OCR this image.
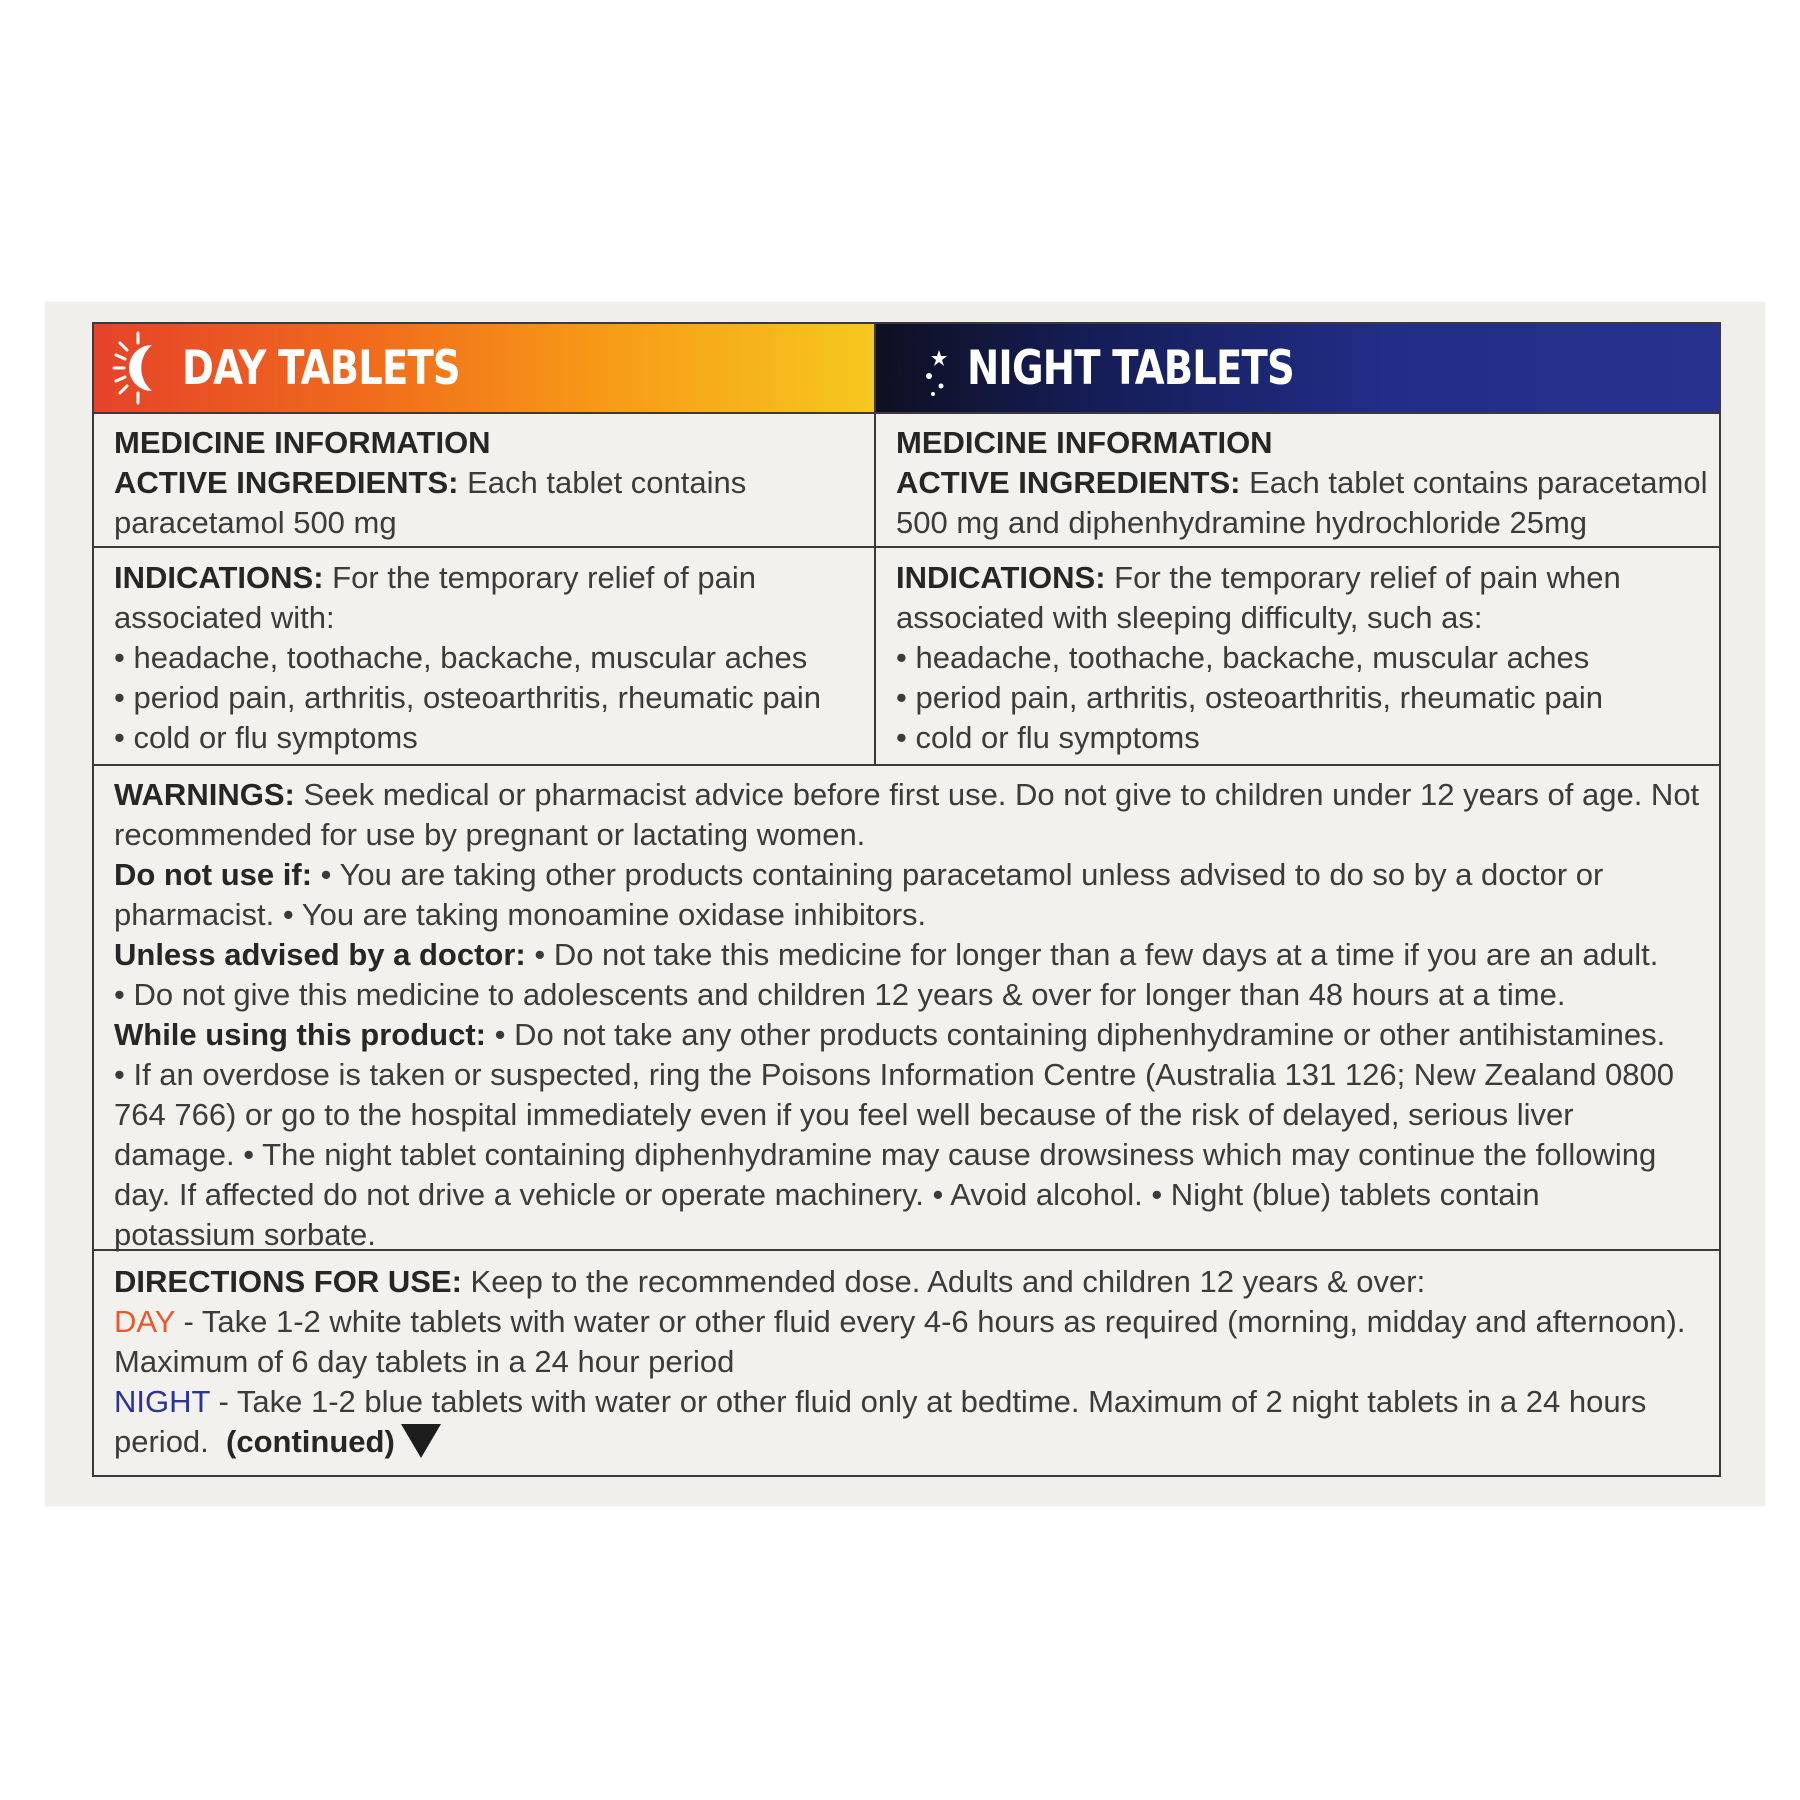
DAY TABLETS	NIGHT TABLETS

MEDICINE INFORMATION

ACTIVE INGREDIENTS: Each tablet contains

paracetamol 500 mg

MEDICINE INFORMATION

ACTIVE INGREDIENTS: Each tablet contains paracetamol

500 mg and diphenhydramine hydrochloride 25mg

INDICATIONS: For the temporary relief of pain

associated with:

• headache, toothache, backache, muscular aches

• period pain, arthritis, osteoarthritis, rheumatic pain

• cold or flu symptoms

INDICATIONS: For the temporary relief of pain when

associated with sleeping difficulty, such as:

• headache, toothache, backache, muscular aches

• period pain, arthritis, osteoarthritis, rheumatic pain

• cold or flu symptoms

WARNINGS: Seek medical or pharmacist advice before first use. Do not give to children under 12 years of age. Not

recommended for use by pregnant or lactating women.

Do not use if: • You are taking other products containing paracetamol unless advised to do so by a doctor or

pharmacist. • You are taking monoamine oxidase inhibitors.

Unless advised by a doctor: • Do not take this medicine for longer than a few days at a time if you are an adult.

• Do not give this medicine to adolescents and children 12 years & over for longer than 48 hours at a time.

While using this product: • Do not take any other products containing diphenhydramine or other antihistamines.

• If an overdose is taken or suspected, ring the Poisons Information Centre (Australia 131 126; New Zealand 0800

764 766) or go to the hospital immediately even if you feel well because of the risk of delayed, serious liver

damage. • The night tablet containing diphenhydramine may cause drowsiness which may continue the following

day. If affected do not drive a vehicle or operate machinery. • Avoid alcohol. • Night (blue) tablets contain

potassium sorbate.

DIRECTIONS FOR USE: Keep to the recommended dose. Adults and children 12 years & over:

DAY - Take 1-2 white tablets with water or other fluid every 4-6 hours as required (morning, midday and afternoon).

Maximum of 6 day tablets in a 24 hour period

NIGHT - Take 1-2 blue tablets with water or other fluid only at bedtime. Maximum of 2 night tablets in a 24 hours

period. (continued)
